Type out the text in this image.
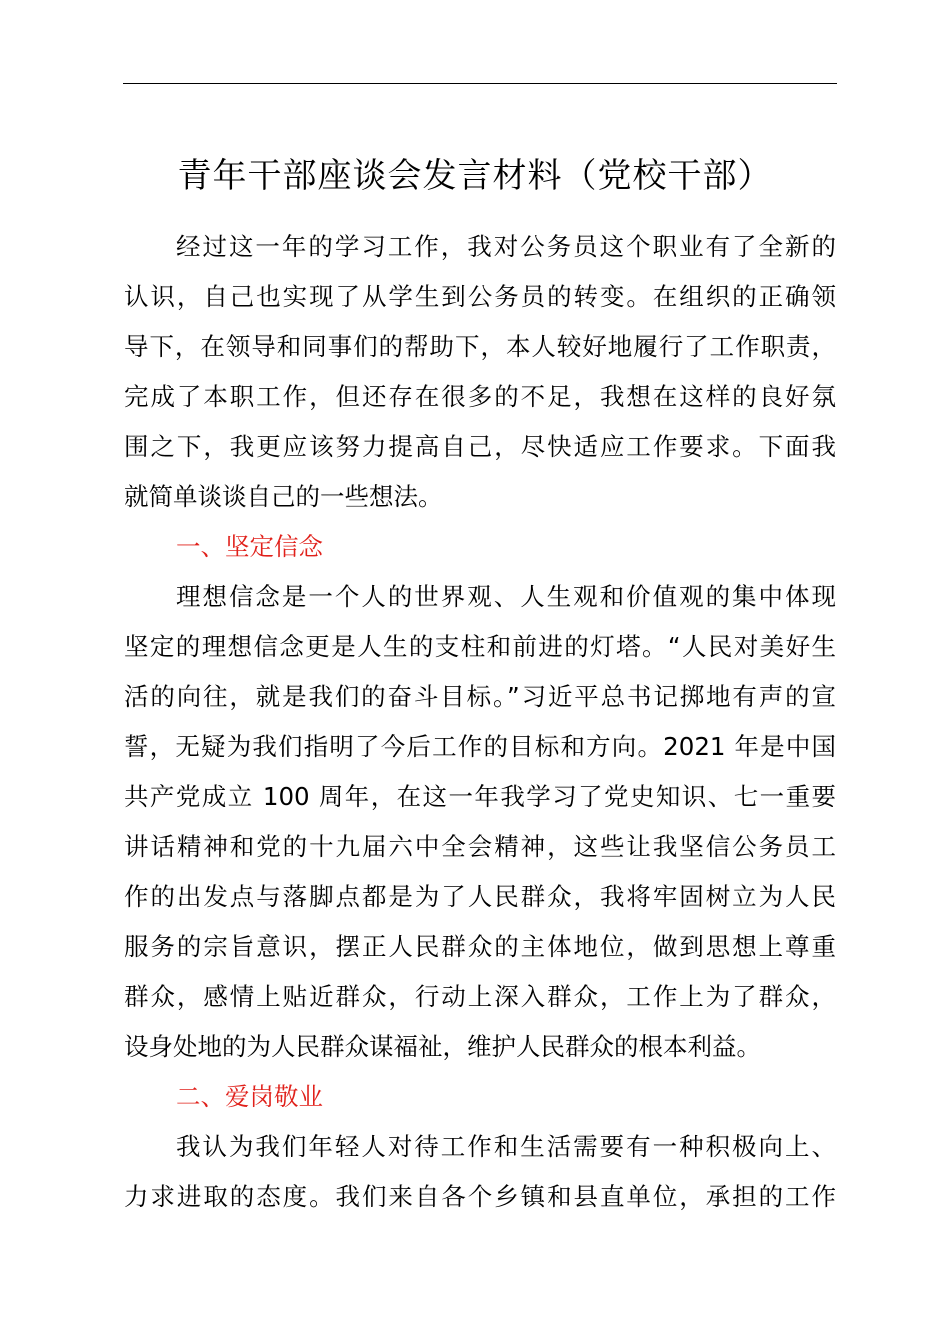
青年干部座谈会发言材料（党校干部）
经过这一年的学习工作，我对公务员这个职业有了全新的
认识，自己也实现了从学生到公务员的转变。在组织的正确领
导下，在领导和同事们的帮助下，本人较好地履行了工作职责，
完成了本职工作，但还存在很多的不足，我想在这样的良好氛
围之下，我更应该努力提高自己，尽快适应工作要求。下面我
就简单谈谈自己的一些想法。
一、坚定信念
理想信念是一个人的世界观、人生观和价值观的集中体现
坚定的理想信念更是人生的支柱和前进的灯塔。“人民对美好生
活的向往，就是我们的奋斗目标。”习近平总书记掷地有声的宣
誓，无疑为我们指明了今后工作的目标和方向。2021 年是中国
共产党成立 100 周年，在这一年我学习了党史知识、七一重要
讲话精神和党的十九届六中全会精神，这些让我坚信公务员工
作的出发点与落脚点都是为了人民群众，我将牢固树立为人民
服务的宗旨意识，摆正人民群众的主体地位，做到思想上尊重
群众，感情上贴近群众，行动上深入群众，工作上为了群众，
设身处地的为人民群众谋福祉，维护人民群众的根本利益。
二、爱岗敬业
我认为我们年轻人对待工作和生活需要有一种积极向上、
力求进取的态度。我们来自各个乡镇和县直单位，承担的工作
